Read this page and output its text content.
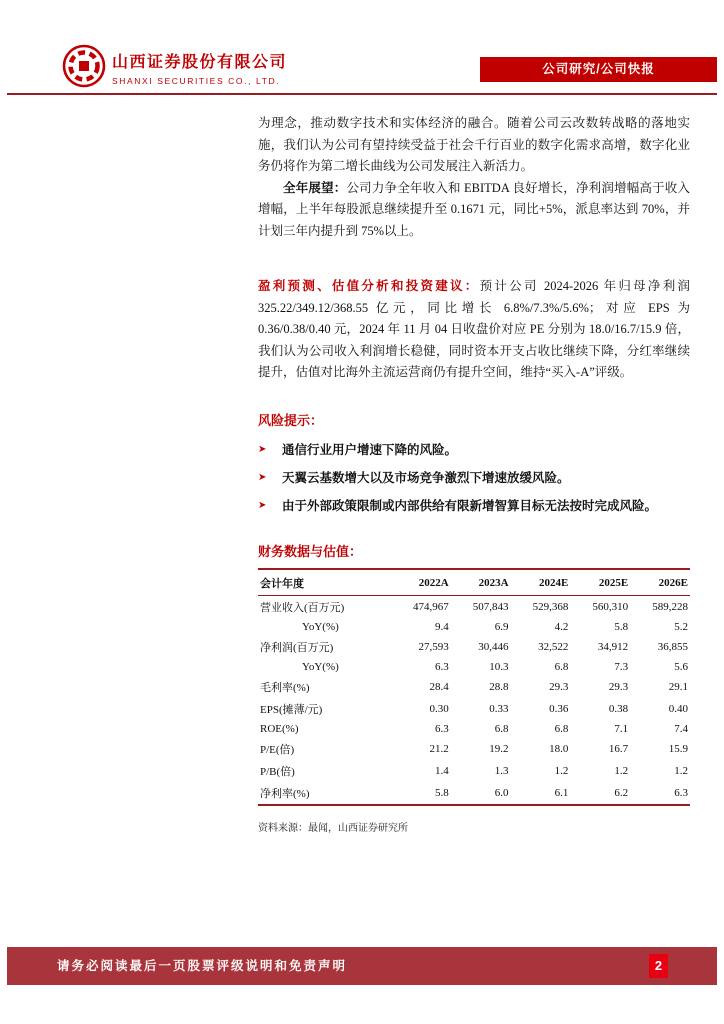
山西证券股份有限公司
SHANXI SECURITIES CO., LTD.
公司研究/公司快报

为理念，推动数字技术和实体经济的融合。随着公司云改数转战略的落地实施，我们认为公司有望持续受益于社会千行百业的数字化需求高增，数字化业务仍将作为第二增长曲线为公司发展注入新活力。

全年展望：公司力争全年收入和 EBITDA 良好增长，净利润增幅高于收入增幅，上半年每股派息继续提升至 0.1671 元，同比+5%，派息率达到 70%，并计划三年内提升到 75%以上。

盈利预测、估值分析和投资建议：预计公司 2024-2026 年归母净利润 325.22/349.12/368.55 亿元，同比增长 6.8%/7.3%/5.6%；对应 EPS 为 0.36/0.38/0.40 元，2024 年 11 月 04 日收盘价对应 PE 分别为 18.0/16.7/15.9 倍，我们认为公司收入利润增长稳健，同时资本开支占收比继续下降，分红率继续提升，估值对比海外主流运营商仍有提升空间，维持“买入-A”评级。

风险提示：
➤	通信行业用户增速下降的风险。
➤	天翼云基数增大以及市场竞争激烈下增速放缓风险。
➤	由于外部政策限制或内部供给有限新增智算目标无法按时完成风险。
财务数据与估值：
会计年度	2022A	2023A	2024E	2025E	2026E
营业收入(百万元)	474,967	507,843	529,368	560,310	589,228
YoY(%)	9.4	6.9	4.2	5.8	5.2
净利润(百万元)	27,593	30,446	32,522	34,912	36,855
YoY(%)	6.3	10.3	6.8	7.3	5.6
毛利率(%)	28.4	28.8	29.3	29.3	29.1
EPS(摊薄/元)	0.30	0.33	0.36	0.38	0.40
ROE(%)	6.3	6.8	6.8	7.1	7.4
P/E(倍)	21.2	19.2	18.0	16.7	15.9
P/B(倍)	1.4	1.3	1.2	1.2	1.2
净利率(%)	5.8	6.0	6.1	6.2	6.3
资料来源：最闻，山西证券研究所
请务必阅读最后一页股票评级说明和免责声明	2
